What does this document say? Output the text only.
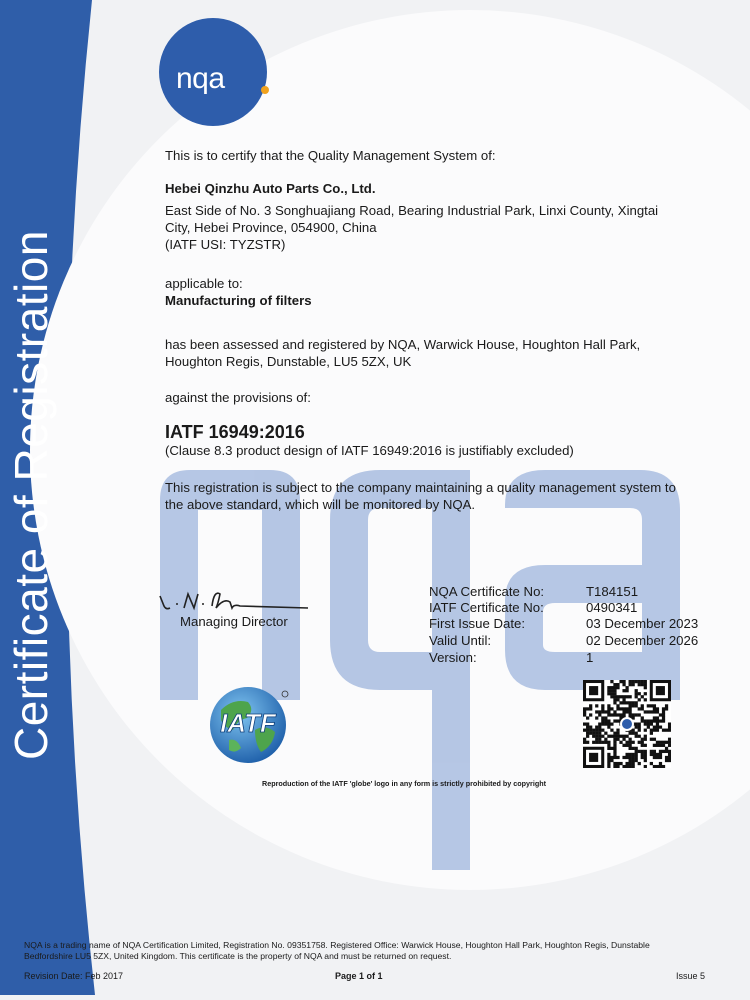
Certificate of Registration
nqa
This is to certify that the Quality Management System of:
Hebei Qinzhu Auto Parts Co., Ltd.
East Side of No. 3 Songhuajiang Road, Bearing Industrial Park, Linxi County, Xingtai
City, Hebei Province, 054900, China
(IATF USI: TYZSTR)
applicable to:
Manufacturing of filters
has been assessed and registered by NQA, Warwick House, Houghton Hall Park,
Houghton Regis, Dunstable, LU5 5ZX, UK
against the provisions of:
IATF 16949:2016
(Clause 8.3 product design of IATF 16949:2016 is justifiably excluded)
This registration is subject to the company maintaining a quality management system to
the above standard, which will be monitored by NQA.
Managing Director
NQA Certificate No:	T184151
IATF Certificate No:	0490341
First Issue Date:	03 December 2023
Valid Until:	02 December 2026
Version:	1
IATF
Reproduction of the IATF 'globe' logo in any form is strictly prohibited by copyright
NQA is a trading name of NQA Certification Limited, Registration No. 09351758. Registered Office: Warwick House, Houghton Hall Park, Houghton Regis, Dunstable
Bedfordshire LU5 5ZX, United Kingdom. This certificate is the property of NQA and must be returned on request.
Revision Date: Feb 2017	Page 1 of 1	Issue 5
